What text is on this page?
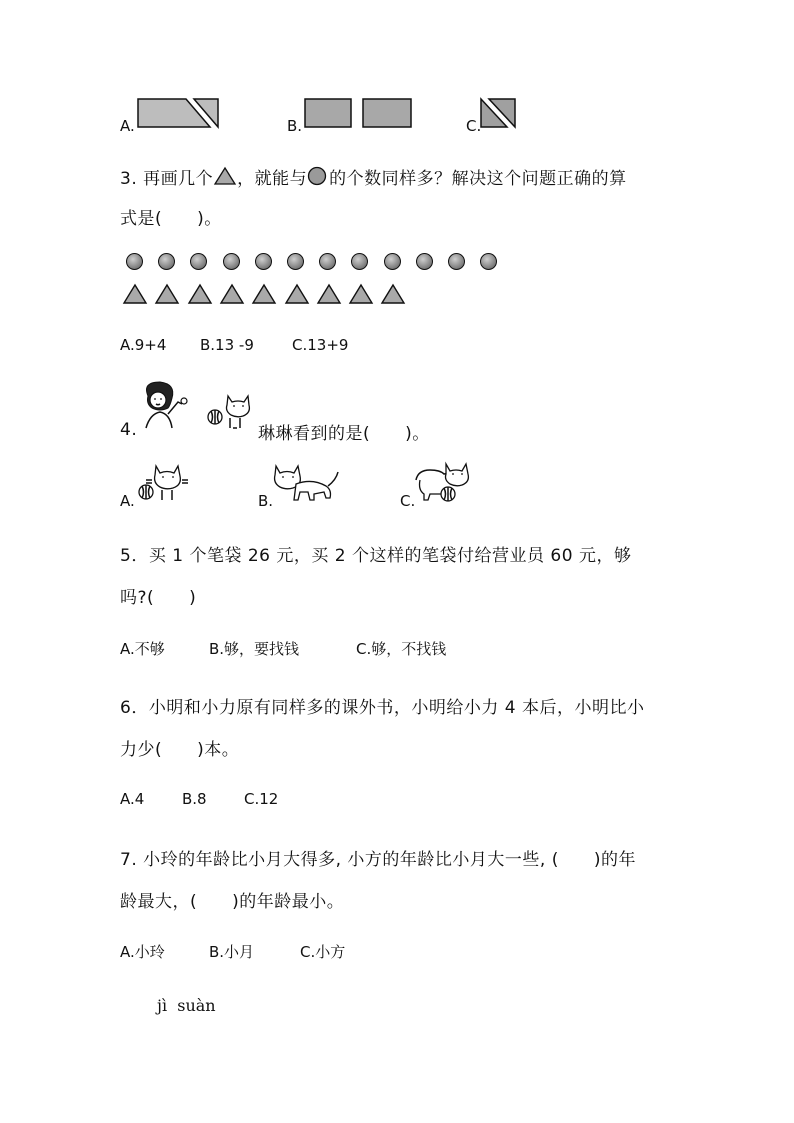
A.	B.	C.
3. 再画几个 ，就能与 的个数同样多？解决这个问题正确的算
式是(　　)。
A.9+4 B.13 -9	C.13+9
4.	琳琳看到的是(　　)。
A.	B.	C.
5．买 1 个笔袋 26 元，买 2 个这样的笔袋付给营业员 60 元，够
吗?(　　)
A.不够	B.够，要找钱	C.够，不找钱
6．小明和小力原有同样多的课外书，小明给小力 4 本后，小明比小
力少(　　)本。
A.4	B.8 C.12
7. 小玲的年龄比小月大得多, 小方的年龄比小月大一些, (　　)的年
龄最大，(　　)的年龄最小。
A.小玲	B.小月	C.小方
jì  suàn
